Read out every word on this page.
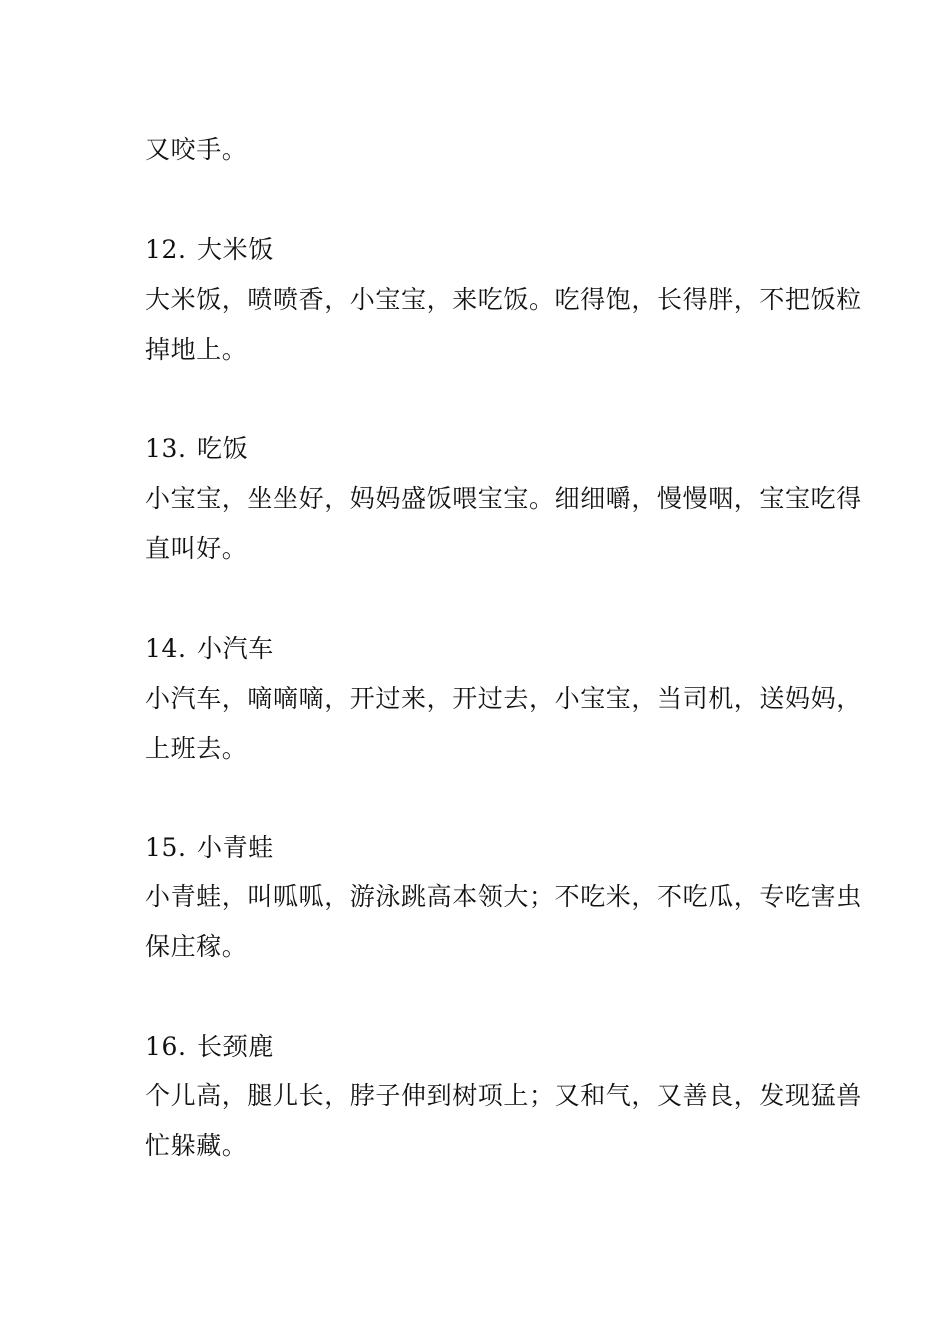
又咬手。
12. 大米饭
大米饭，喷喷香，小宝宝，来吃饭。吃得饱，长得胖，不把饭粒
掉地上。
13. 吃饭
小宝宝，坐坐好，妈妈盛饭喂宝宝。细细嚼，慢慢咽，宝宝吃得
直叫好。
14. 小汽车
小汽车，嘀嘀嘀，开过来，开过去，小宝宝，当司机，送妈妈，
上班去。
15. 小青蛙
小青蛙，叫呱呱，游泳跳高本领大；不吃米，不吃瓜，专吃害虫
保庄稼。
16. 长颈鹿
个儿高，腿儿长，脖子伸到树项上；又和气，又善良，发现猛兽
忙躲藏。
